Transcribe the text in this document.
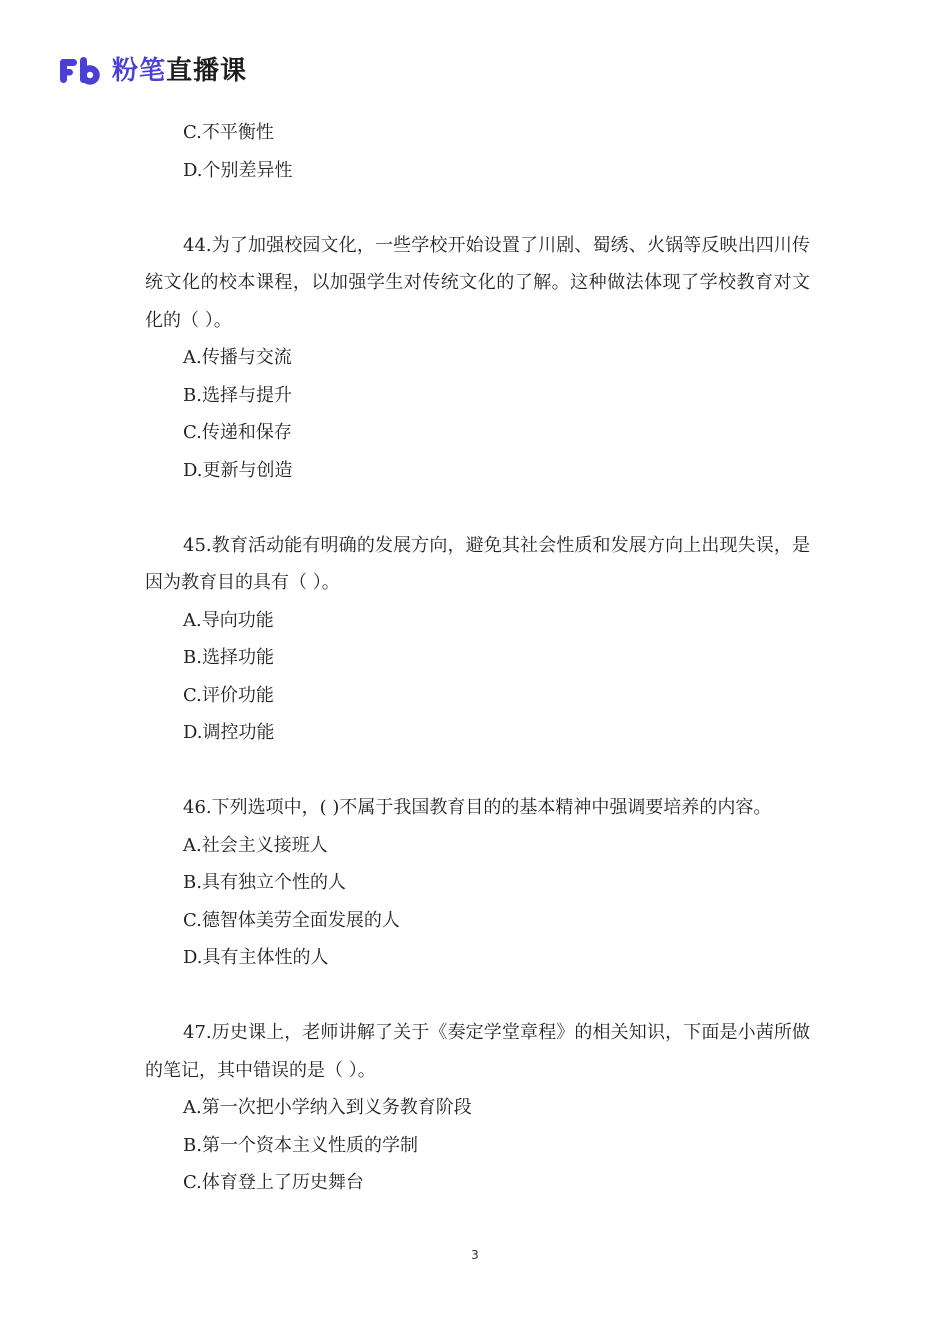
粉笔直播课
C.不平衡性
D.个别差异性
44.为了加强校园文化，一些学校开始设置了川剧、蜀绣、火锅等反映出四川传统文化的校本课程，以加强学生对传统文化的了解。这种做法体现了学校教育对文化的（ ）。
A.传播与交流
B.选择与提升
C.传递和保存
D.更新与创造
45.教育活动能有明确的发展方向，避免其社会性质和发展方向上出现失误，是因为教育目的具有（ ）。
A.导向功能
B.选择功能
C.评价功能
D.调控功能
46.下列选项中，( )不属于我国教育目的的基本精神中强调要培养的内容。
A.社会主义接班人
B.具有独立个性的人
C.德智体美劳全面发展的人
D.具有主体性的人
47.历史课上，老师讲解了关于《奏定学堂章程》的相关知识，下面是小茜所做的笔记，其中错误的是（ ）。
A.第一次把小学纳入到义务教育阶段
B.第一个资本主义性质的学制
C.体育登上了历史舞台
3
